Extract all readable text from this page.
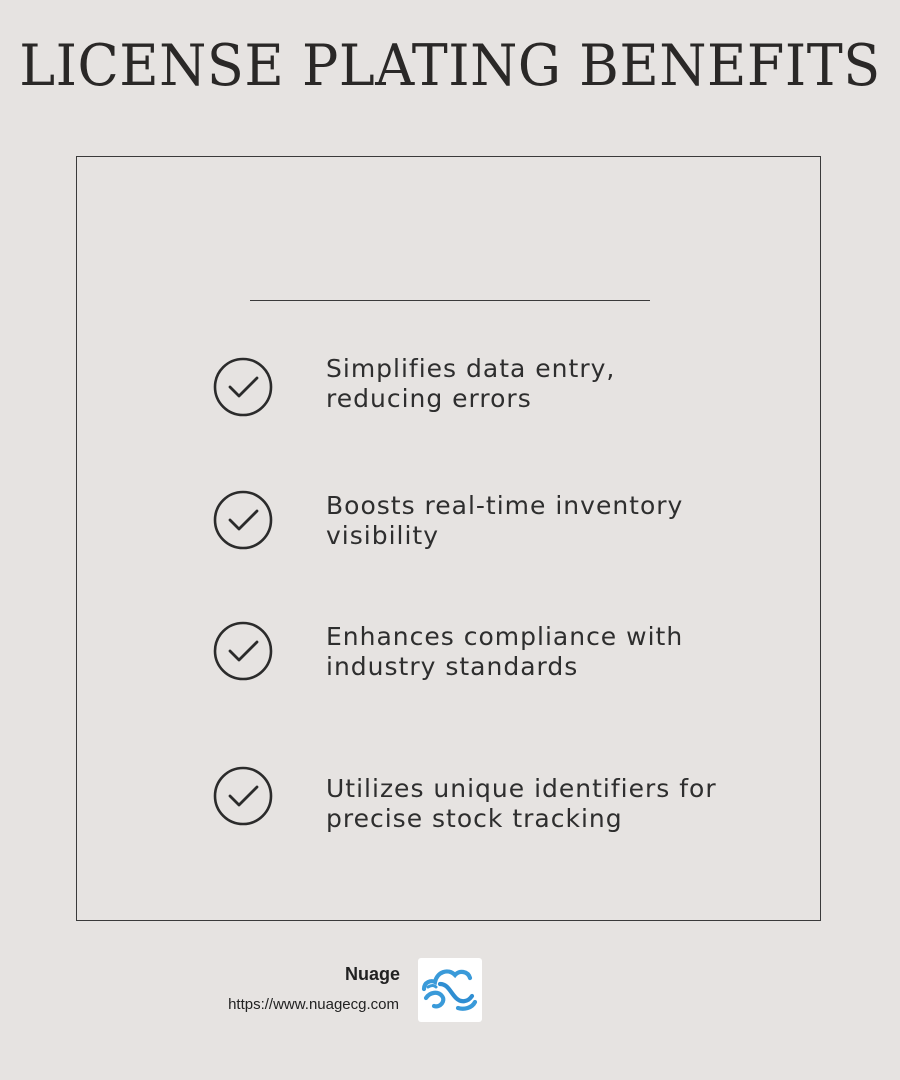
LICENSE PLATING BENEFITS
Simplifies data entry,
reducing errors
Boosts real-time inventory
visibility
Enhances compliance with
industry standards
Utilizes unique identifiers for
precise stock tracking
Nuage
https://www.nuagecg.com
